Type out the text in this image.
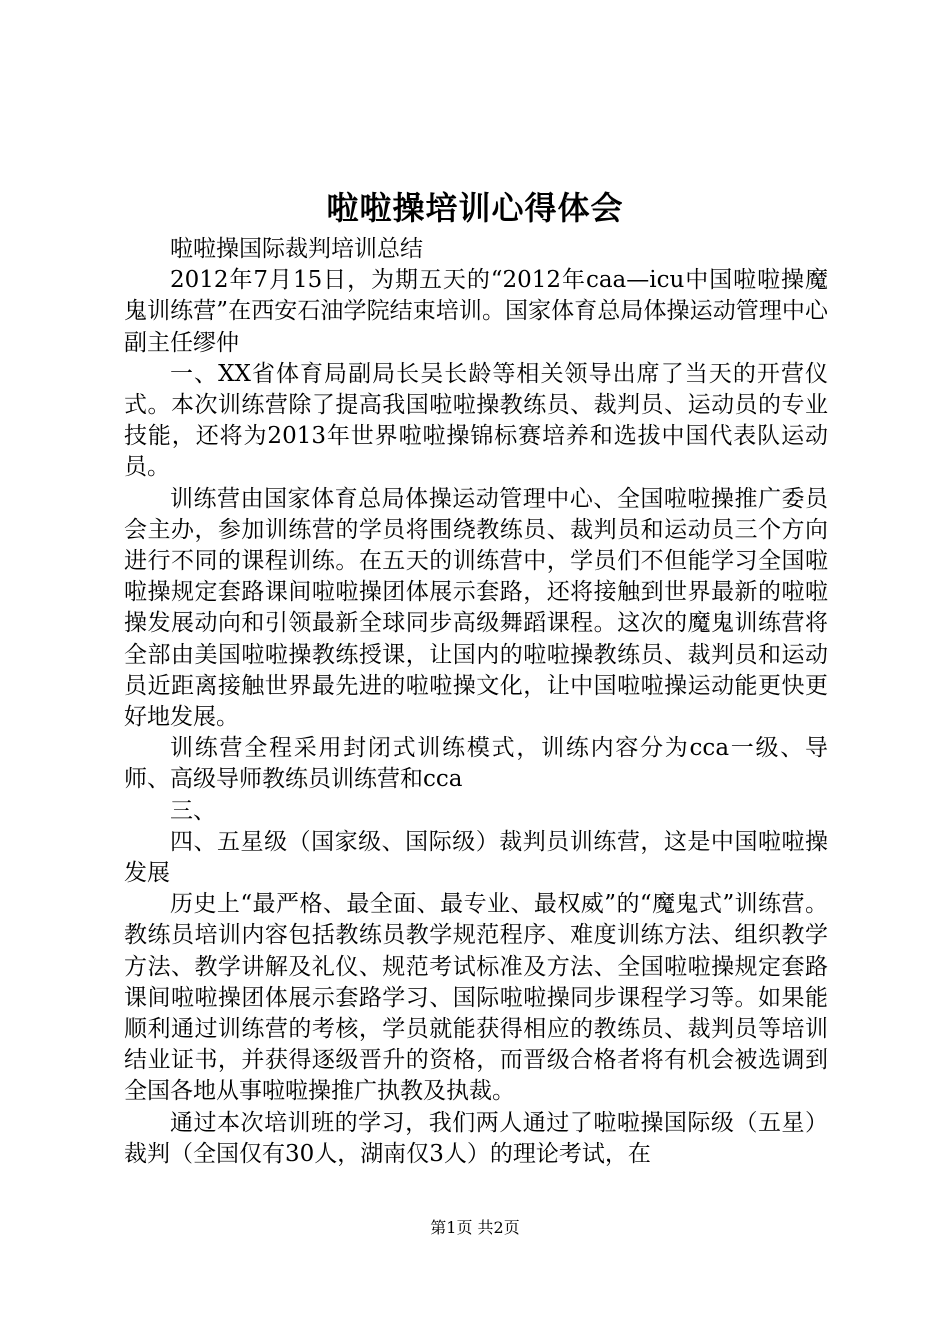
啦啦操培训心得体会

啦啦操国际裁判培训总结

2012年7月15日，为期五天的“2012年caa—icu中国啦啦操魔鬼训练营”在西安石油学院结束培训。国家体育总局体操运动管理中心副主任缪仲

一、XX省体育局副局长吴长龄等相关领导出席了当天的开营仪式。本次训练营除了提高我国啦啦操教练员、裁判员、运动员的专业技能，还将为2013年世界啦啦操锦标赛培养和选拔中国代表队运动员。

训练营由国家体育总局体操运动管理中心、全国啦啦操推广委员会主办，参加训练营的学员将围绕教练员、裁判员和运动员三个方向进行不同的课程训练。在五天的训练营中，学员们不但能学习全国啦啦操规定套路课间啦啦操团体展示套路，还将接触到世界最新的啦啦操发展动向和引领最新全球同步高级舞蹈课程。这次的魔鬼训练营将全部由美国啦啦操教练授课，让国内的啦啦操教练员、裁判员和运动员近距离接触世界最先进的啦啦操文化，让中国啦啦操运动能更快更好地发展。

训练营全程采用封闭式训练模式，训练内容分为cca一级、导师、高级导师教练员训练营和cca

三、

四、五星级（国家级、国际级）裁判员训练营，这是中国啦啦操发展

历史上“最严格、最全面、最专业、最权威”的“魔鬼式”训练营。教练员培训内容包括教练员教学规范程序、难度训练方法、组织教学方法、教学讲解及礼仪、规范考试标准及方法、全国啦啦操规定套路课间啦啦操团体展示套路学习、国际啦啦操同步课程学习等。如果能顺利通过训练营的考核，学员就能获得相应的教练员、裁判员等培训结业证书，并获得逐级晋升的资格，而晋级合格者将有机会被选调到全国各地从事啦啦操推广执教及执裁。

通过本次培训班的学习，我们两人通过了啦啦操国际级（五星）裁判（全国仅有30人，湖南仅3人）的理论考试，在

第1页 共2页
